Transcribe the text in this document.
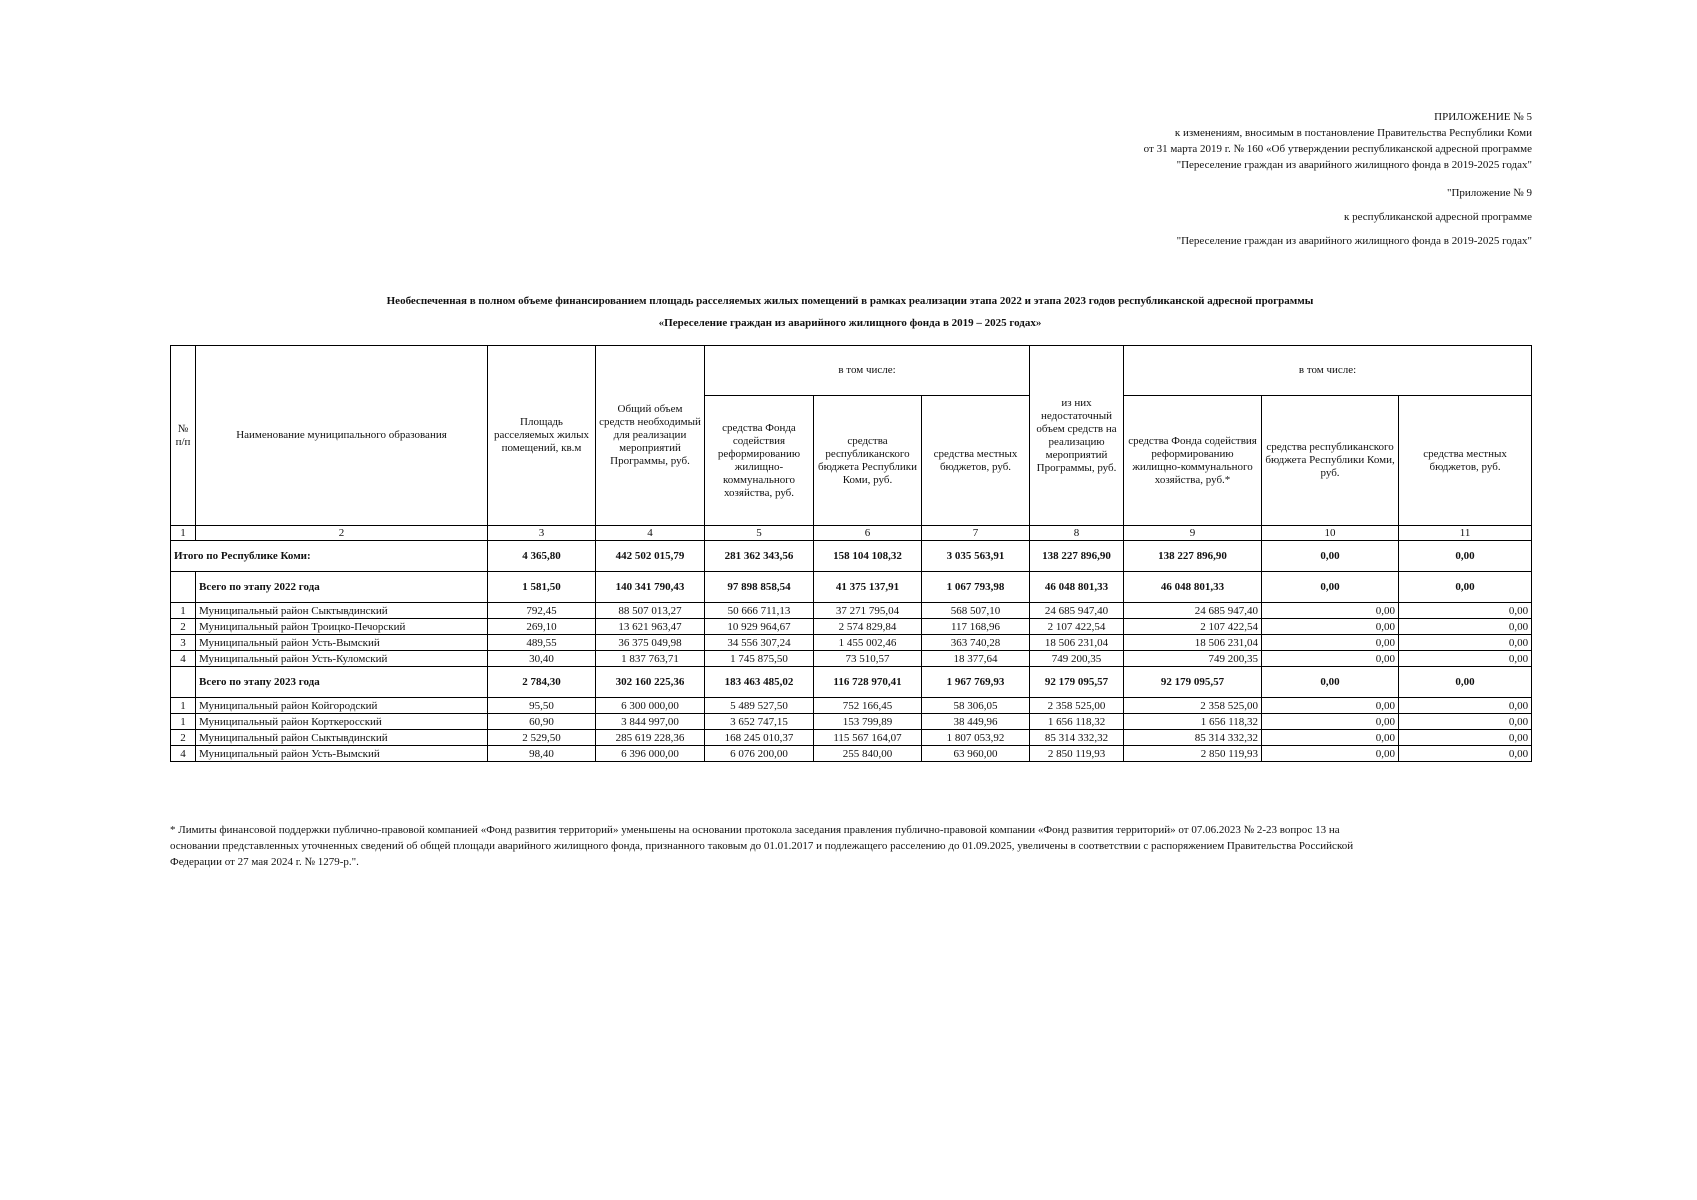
ПРИЛОЖЕНИЕ № 5
к изменениям, вносимым в постановление Правительства Республики Коми
от 31 марта 2019 г. № 160 «Об утверждении республиканской адресной программе
"Переселение граждан из аварийного жилищного фонда в 2019-2025 годах"
"Приложение № 9
к республиканской адресной программе
"Переселение граждан из аварийного жилищного фонда в 2019-2025 годах"
Необеспеченная в полном объеме финансированием площадь расселяемых жилых помещений в рамках реализации этапа 2022 и этапа 2023 годов республиканской адресной программы
«Переселение граждан из аварийного жилищного фонда в 2019 – 2025 годах»
№ п/п	Наименование муниципального образования	Площадь расселяемых жилых помещений, кв.м	Общий объем средств необходимый для реализации мероприятий Программы, руб.	в том числе:			из них недостаточный объем средств на реализацию мероприятий Программы, руб.	в том числе:		
				средства Фонда содействия реформированию жилищно-коммунального хозяйства, руб.	средства республиканского бюджета Республики Коми, руб.	средства местных бюджетов, руб.		средства Фонда содействия реформированию жилищно-коммунального хозяйства, руб.*	средства республиканского бюджета Республики Коми, руб.	средства местных бюджетов, руб.
1	2	3	4	5	6	7	8	9	10	11
Итого по Республике Коми:		4 365,80	442 502 015,79	281 362 343,56	158 104 108,32	3 035 563,91	138 227 896,90	138 227 896,90	0,00	0,00
	Всего по этапу 2022 года	1 581,50	140 341 790,43	97 898 858,54	41 375 137,91	1 067 793,98	46 048 801,33	46 048 801,33	0,00	0,00
1	Муниципальный район Сыктывдинский	792,45	88 507 013,27	50 666 711,13	37 271 795,04	568 507,10	24 685 947,40	24 685 947,40	0,00	0,00
2	Муниципальный район Троицко-Печорский	269,10	13 621 963,47	10 929 964,67	2 574 829,84	117 168,96	2 107 422,54	2 107 422,54	0,00	0,00
3	Муниципальный район Усть-Вымский	489,55	36 375 049,98	34 556 307,24	1 455 002,46	363 740,28	18 506 231,04	18 506 231,04	0,00	0,00
4	Муниципальный район Усть-Куломский	30,40	1 837 763,71	1 745 875,50	73 510,57	18 377,64	749 200,35	749 200,35	0,00	0,00
	Всего по этапу 2023 года	2 784,30	302 160 225,36	183 463 485,02	116 728 970,41	1 967 769,93	92 179 095,57	92 179 095,57	0,00	0,00
1	Муниципальный район Койгородский	95,50	6 300 000,00	5 489 527,50	752 166,45	58 306,05	2 358 525,00	2 358 525,00	0,00	0,00
1	Муниципальный район Корткеросский	60,90	3 844 997,00	3 652 747,15	153 799,89	38 449,96	1 656 118,32	1 656 118,32	0,00	0,00
2	Муниципальный район Сыктывдинский	2 529,50	285 619 228,36	168 245 010,37	115 567 164,07	1 807 053,92	85 314 332,32	85 314 332,32	0,00	0,00
4	Муниципальный район Усть-Вымский	98,40	6 396 000,00	6 076 200,00	255 840,00	63 960,00	2 850 119,93	2 850 119,93	0,00	0,00
* Лимиты финансовой поддержки публично-правовой компанией «Фонд развития территорий» уменьшены на основании протокола заседания правления публично-правовой компании «Фонд развития территорий» от 07.06.2023 № 2-23 вопрос 13 на
основании представленных уточненных сведений об общей площади аварийного жилищного фонда, признанного таковым до 01.01.2017 и подлежащего расселению до 01.09.2025, увеличены в соответствии с распоряжением Правительства Российской
Федерации от 27 мая 2024 г. № 1279-р.".
